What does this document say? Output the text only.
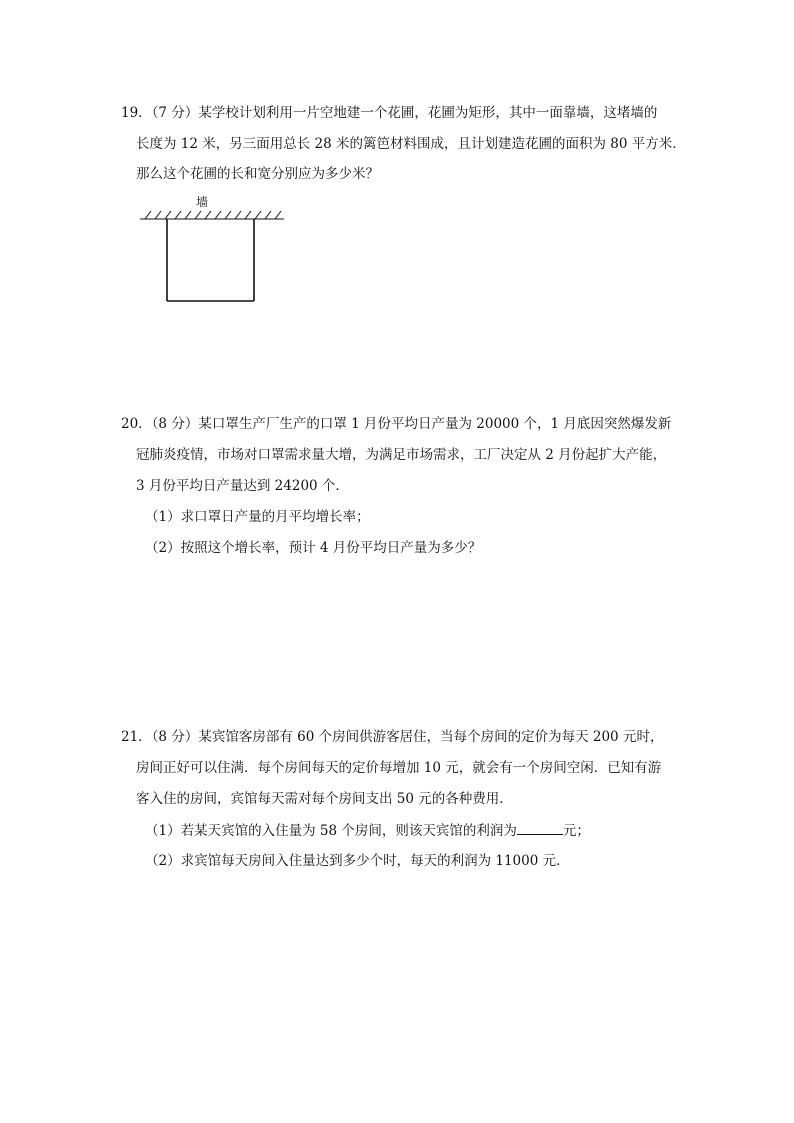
19．（7 分）某学校计划利用一片空地建一个花圃，花圃为矩形，其中一面靠墙，这堵墙的
长度为 12 米，另三面用总长 28 米的篱笆材料围成，且计划建造花圃的面积为 80 平方米．
那么这个花圃的长和宽分别应为多少米？
墙
20．（8 分）某口罩生产厂生产的口罩 1 月份平均日产量为 20000 个，1 月底因突然爆发新
冠肺炎疫情，市场对口罩需求量大增，为满足市场需求，工厂决定从 2 月份起扩大产能，
3 月份平均日产量达到 24200 个．
（1）求口罩日产量的月平均增长率；
（2）按照这个增长率，预计 4 月份平均日产量为多少？
21．（8 分）某宾馆客房部有 60 个房间供游客居住，当每个房间的定价为每天 200 元时，
房间正好可以住满．每个房间每天的定价每增加 10 元，就会有一个房间空闲．已知有游
客入住的房间，宾馆每天需对每个房间支出 50 元的各种费用．
（1）若某天宾馆的入住量为 58 个房间，则该天宾馆的利润为	元；
（2）求宾馆每天房间入住量达到多少个时，每天的利润为 11000 元．
